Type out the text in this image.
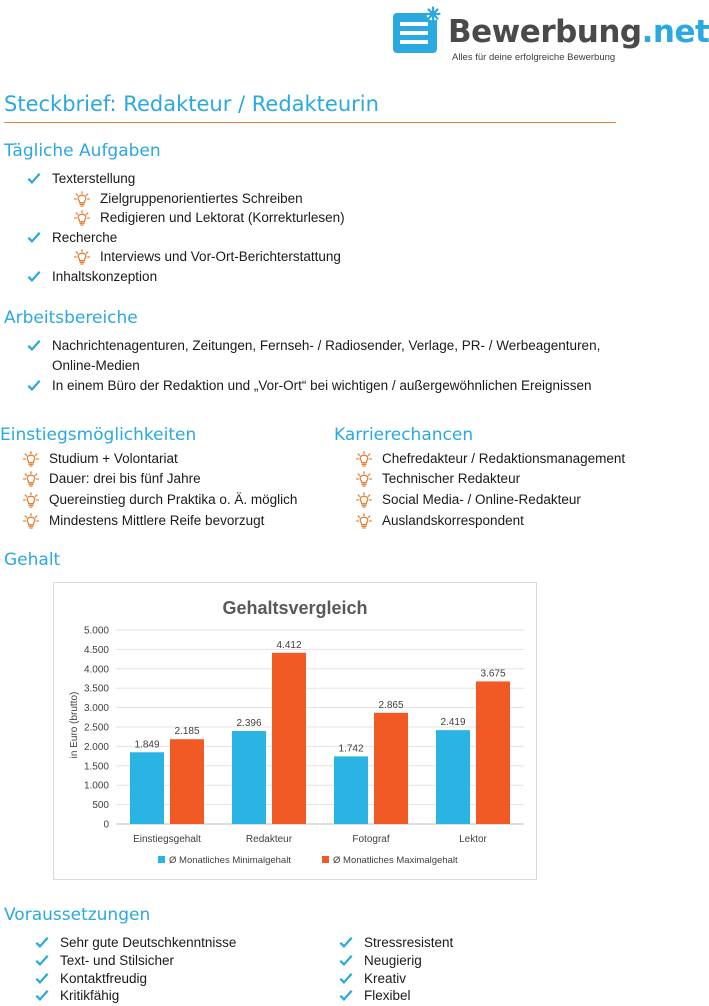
Bewerbung.net
Alles für deine erfolgreiche Bewerbung
Steckbrief: Redakteur / Redakteurin
Tägliche Aufgaben
Texterstellung
Zielgruppenorientiertes Schreiben
Redigieren und Lektorat (Korrekturlesen)
Recherche
Interviews und Vor-Ort-Berichterstattung
Inhaltskonzeption
Arbeitsbereiche
Nachrichtenagenturen, Zeitungen, Fernseh- / Radiosender, Verlage, PR- / Werbeagenturen,
Online-Medien
In einem Büro der Redaktion und „Vor-Ort“ bei wichtigen / außergewöhnlichen Ereignissen
Einstiegsmöglichkeiten
Studium + Volontariat
Dauer: drei bis fünf Jahre
Quereinstieg durch Praktika o. Ä. möglich
Mindestens Mittlere Reife bevorzugt
Karrierechancen
Chefredakteur / Redaktionsmanagement
Technischer Redakteur
Social Media- / Online-Redakteur
Auslandskorrespondent
Gehalt
Gehaltsvergleich
in Euro (brutto)
0
500
1.000
1.500
2.000
2.500
3.000
3.500
4.000
4.500
5.000
1.849
2.185
2.396
4.412
1.742
2.865
2.419
3.675
Einstiegsgehalt	Redakteur	Fotograf	Lektor
Ø Monatliches Minimalgehalt	Ø Monatliches Maximalgehalt
Voraussetzungen
Sehr gute Deutschkenntnisse
Text- und Stilsicher
Kontaktfreudig
Kritikfähig
Stressresistent
Neugierig
Kreativ
Flexibel
